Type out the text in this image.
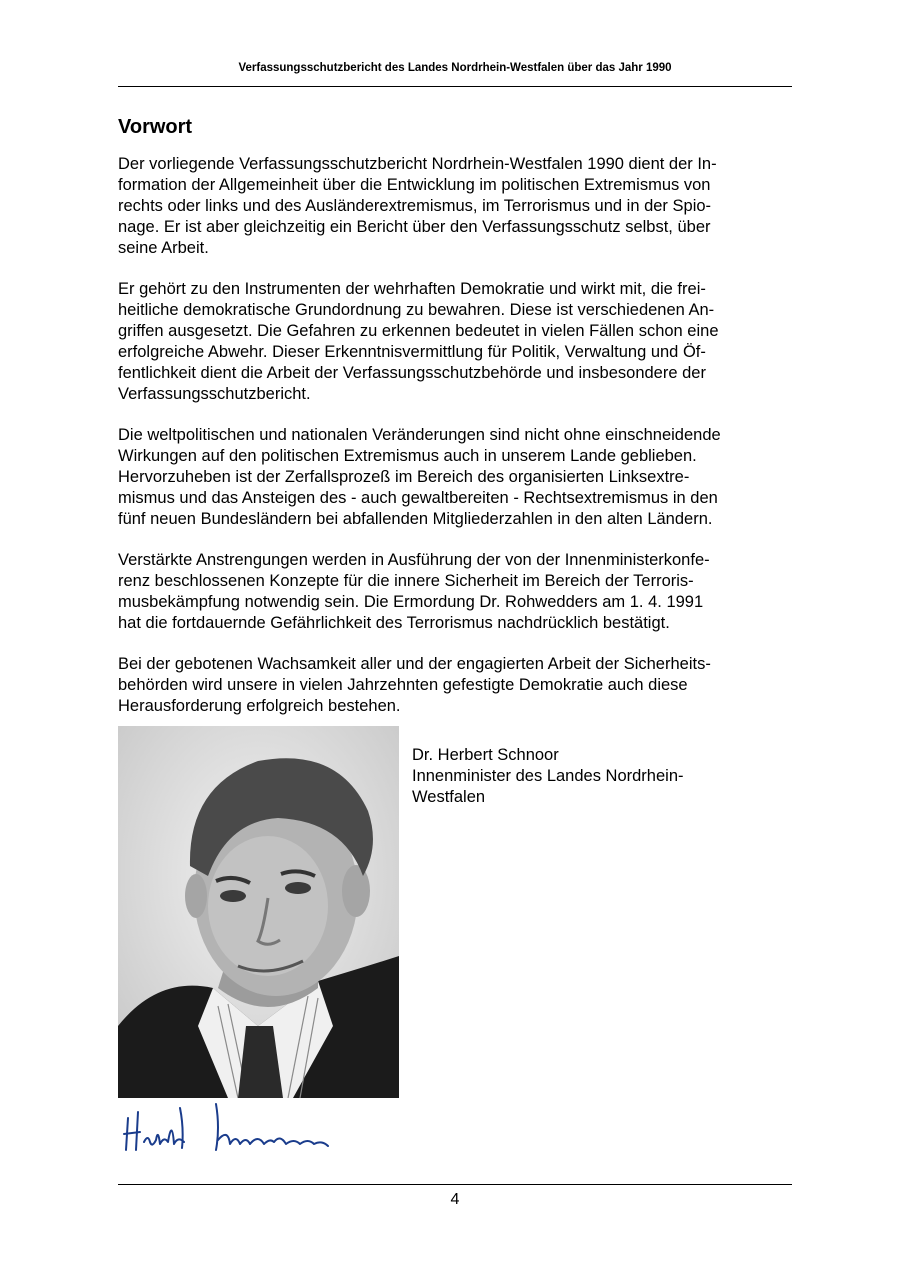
Verfassungsschutzbericht des Landes Nordrhein-Westfalen über das Jahr 1990
Vorwort

Der vorliegende Verfassungsschutzbericht Nordrhein-Westfalen 1990 dient der In-
formation der Allgemeinheit über die Entwicklung im politischen Extremismus von
rechts oder links und des Ausländerextremismus, im Terrorismus und in der Spio-
nage. Er ist aber gleichzeitig ein Bericht über den Verfassungsschutz selbst, über
seine Arbeit.

Er gehört zu den Instrumenten der wehrhaften Demokratie und wirkt mit, die frei-
heitliche demokratische Grundordnung zu bewahren. Diese ist verschiedenen An-
griffen ausgesetzt. Die Gefahren zu erkennen bedeutet in vielen Fällen schon eine
erfolgreiche Abwehr. Dieser Erkenntnisvermittlung für Politik, Verwaltung und Öf-
fentlichkeit dient die Arbeit der Verfassungsschutzbehörde und insbesondere der
Verfassungsschutzbericht.

Die weltpolitischen und nationalen Veränderungen sind nicht ohne einschneidende
Wirkungen auf den politischen Extremismus auch in unserem Lande geblieben.
Hervorzuheben ist der Zerfallsprozeß im Bereich des organisierten Linksextre-
mismus und das Ansteigen des - auch gewaltbereiten - Rechtsextremismus in den
fünf neuen Bundesländern bei abfallenden Mitgliederzahlen in den alten Ländern.

Verstärkte Anstrengungen werden in Ausführung der von der Innenministerkonfe-
renz beschlossenen Konzepte für die innere Sicherheit im Bereich der Terroris-
musbekämpfung notwendig sein. Die Ermordung Dr. Rohwedders am 1. 4. 1991
hat die fortdauernde Gefährlichkeit des Terrorismus nachdrücklich bestätigt.

Bei der gebotenen Wachsamkeit aller und der engagierten Arbeit der Sicherheits-
behörden wird unsere in vielen Jahrzehnten gefestigte Demokratie auch diese
Herausforderung erfolgreich bestehen.

Dr. Herbert Schnoor
Innenminister des Landes Nordrhein-
Westfalen
4
